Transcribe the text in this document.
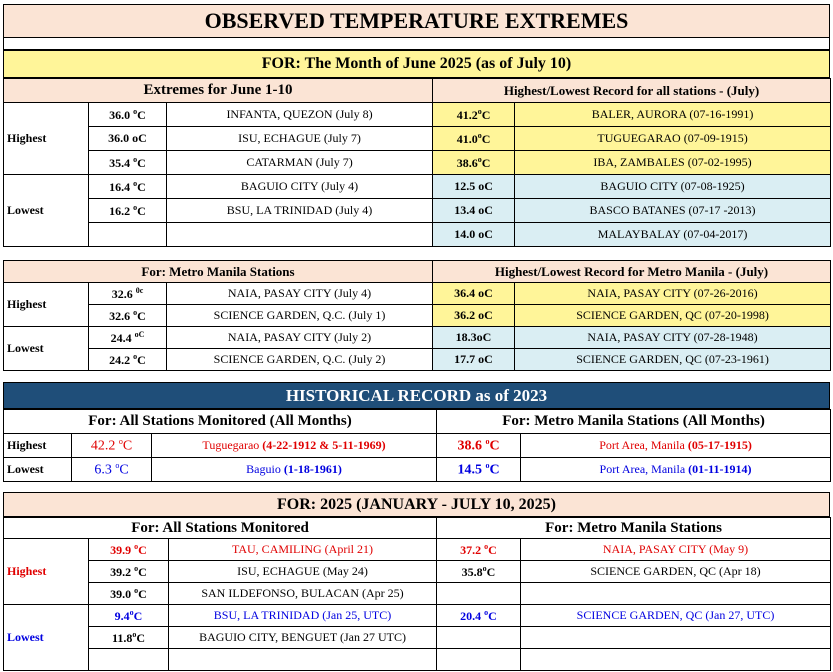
OBSERVED TEMPERATURE EXTREMES
FOR: The Month of June 2025 (as of July 10)
Extremes for June 1-10			Highest/Lowest Record for all stations - (July)	
Highest	36.0 $^o$C	INFANTA, QUEZON (July 8)	41.2$^o$C	BALER, AURORA (07-16-1991)
	36.0 oC	ISU, ECHAGUE (July 7)	41.0$^o$C	TUGUEGARAO (07-09-1915)
	35.4 $^o$C	CATARMAN (July 7)	38.6$^o$C	IBA, ZAMBALES (07-02-1995)
Lowest	16.4 $^o$C	BAGUIO CITY (July 4)	12.5 oC	BAGUIO CITY (07-08-1925)
	16.2 $^o$C	BSU, LA TRINIDAD (July 4)	13.4 oC	BASCO BATANES (07-17 -2013)
			14.0 oC	MALAYBALAY (07-04-2017)
For: Metro Manila Stations			Highest/Lowest Record for Metro Manila - (July)	
Highest	32.6 $^{0c}$	NAIA, PASAY CITY (July 4)	36.4 oC	NAIA, PASAY CITY (07-26-2016)
	32.6 $^o$C	SCIENCE GARDEN, Q.C. (July 1)	36.2 oC	SCIENCE GARDEN, QC (07-20-1998)
Lowest	24.4 $^{oC}$	NAIA, PASAY CITY (July 2)	18.3oC	NAIA, PASAY CITY (07-28-1948)
	24.2 $^o$C	SCIENCE GARDEN, Q.C. (July 2)	17.7 oC	SCIENCE GARDEN, QC (07-23-1961)
HISTORICAL RECORD as of 2023
For: All Stations Monitored (All Months)			For: Metro Manila Stations (All Months)	
Highest	42.2 $^o$C	Tuguegarao (4-22-1912 & 5-11-1969)	38.6 $^o$C	Port Area, Manila (05-17-1915)
Lowest	6.3 $^o$C	Baguio (1-18-1961)	14.5 $^o$C	Port Area, Manila (01-11-1914)
FOR: 2025 (JANUARY - JULY 10, 2025)
For: All Stations Monitored			For: Metro Manila Stations	
Highest	39.9 $^o$C	TAU, CAMILING (April 21)	37.2 $^o$C	NAIA, PASAY CITY (May 9)
	39.2 $^o$C	ISU, ECHAGUE (May 24)	35.8$^o$C	SCIENCE GARDEN, QC (Apr 18)
	39.0 $^o$C	SAN ILDEFONSO, BULACAN (Apr 25)		
Lowest	9.4$^o$C	BSU, LA TRINIDAD (Jan 25, UTC)	20.4 $^o$C	SCIENCE GARDEN, QC (Jan 27, UTC)
	11.8$^o$C	BAGUIO CITY, BENGUET (Jan 27 UTC)		
